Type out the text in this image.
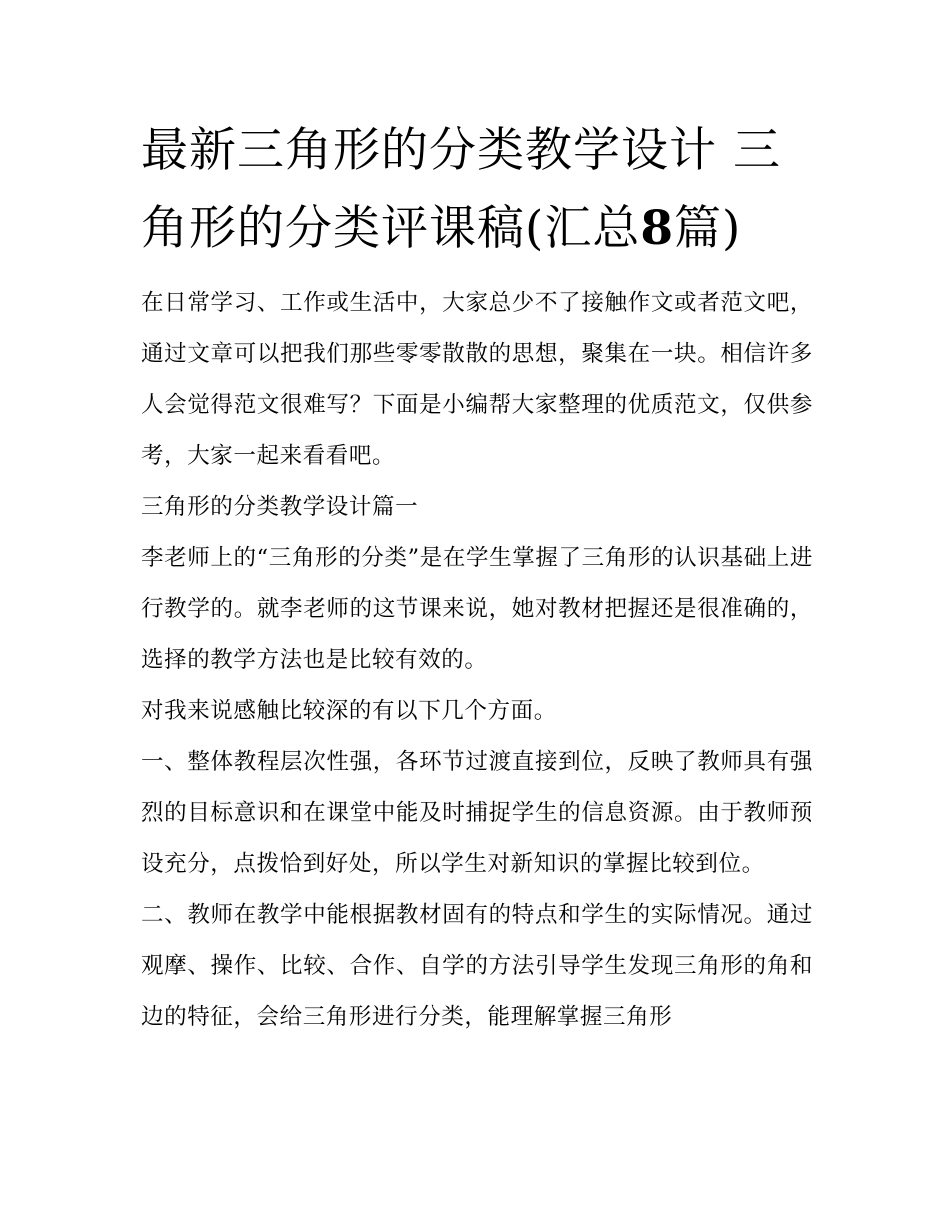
最新三角形的分类教学设计 三角形的分类评课稿(汇总8篇)

在日常学习、工作或生活中，大家总少不了接触作文或者范文吧，通过文章可以把我们那些零零散散的思想，聚集在一块。相信许多人会觉得范文很难写？下面是小编帮大家整理的优质范文，仅供参考，大家一起来看看吧。

三角形的分类教学设计篇一

李老师上的“三角形的分类”是在学生掌握了三角形的认识基础上进行教学的。就李老师的这节课来说，她对教材把握还是很准确的，选择的教学方法也是比较有效的。

对我来说感触比较深的有以下几个方面。

一、整体教程层次性强，各环节过渡直接到位，反映了教师具有强烈的目标意识和在课堂中能及时捕捉学生的信息资源。由于教师预设充分，点拨恰到好处，所以学生对新知识的掌握比较到位。

二、教师在教学中能根据教材固有的特点和学生的实际情况。通过观摩、操作、比较、合作、自学的方法引导学生发现三角形的角和边的特征，会给三角形进行分类，能理解掌握三角形
